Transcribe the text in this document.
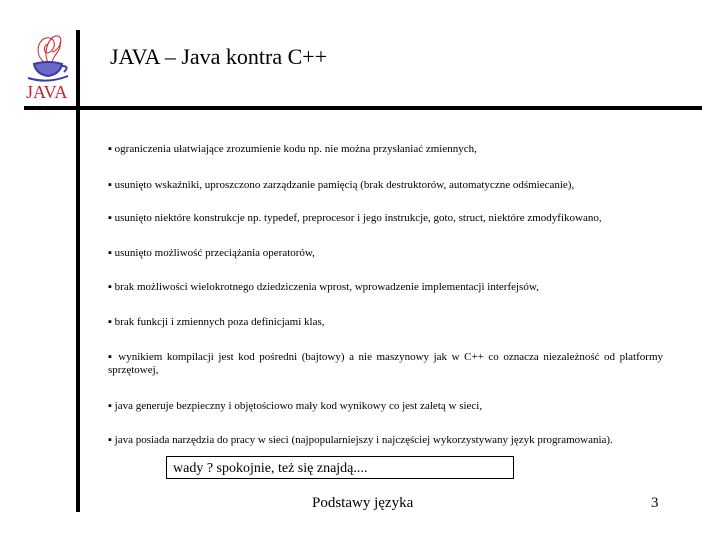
JAVA
JAVA – Java kontra C++
▪ ograniczenia ułatwiające zrozumienie kodu np. nie można przysłaniać zmiennych,
▪ usunięto wskaźniki, uproszczono zarządzanie pamięcią (brak destruktorów, automatyczne odśmiecanie),
▪ usunięto niektóre konstrukcje np. typedef, preprocesor i jego instrukcje, goto, struct, niektóre zmodyfikowano,
▪ usunięto możliwość przeciążania operatorów,
▪ brak możliwości wielokrotnego dziedziczenia wprost, wprowadzenie implementacji interfejsów,
▪ brak funkcji i zmiennych poza definicjami klas,
▪ wynikiem kompilacji jest kod pośredni (bajtowy) a nie maszynowy jak w C++ co oznacza niezależność od platformy sprzętowej,
▪ java generuje bezpieczny i objętościowo mały kod wynikowy co jest zaletą w sieci,
▪ java posiada narzędzia do pracy w sieci (najpopularniejszy i najczęściej wykorzystywany język programowania).
wady ? spokojnie, też się znajdą....
Podstawy języka	3
